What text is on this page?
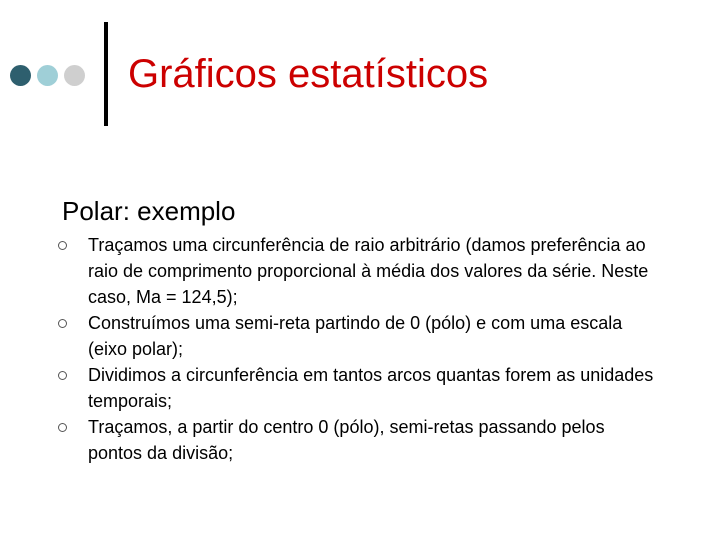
Gráficos estatísticos
Polar: exemplo
Traçamos uma circunferência de raio arbitrário (damos preferência ao raio de comprimento proporcional à média dos valores da série. Neste caso, Ma = 124,5);
Construímos uma semi-reta partindo de 0 (pólo) e com uma escala (eixo polar);
Dividimos a circunferência em tantos arcos quantas forem as unidades temporais;
Traçamos, a partir do centro 0 (pólo), semi-retas passando pelos pontos da divisão;
